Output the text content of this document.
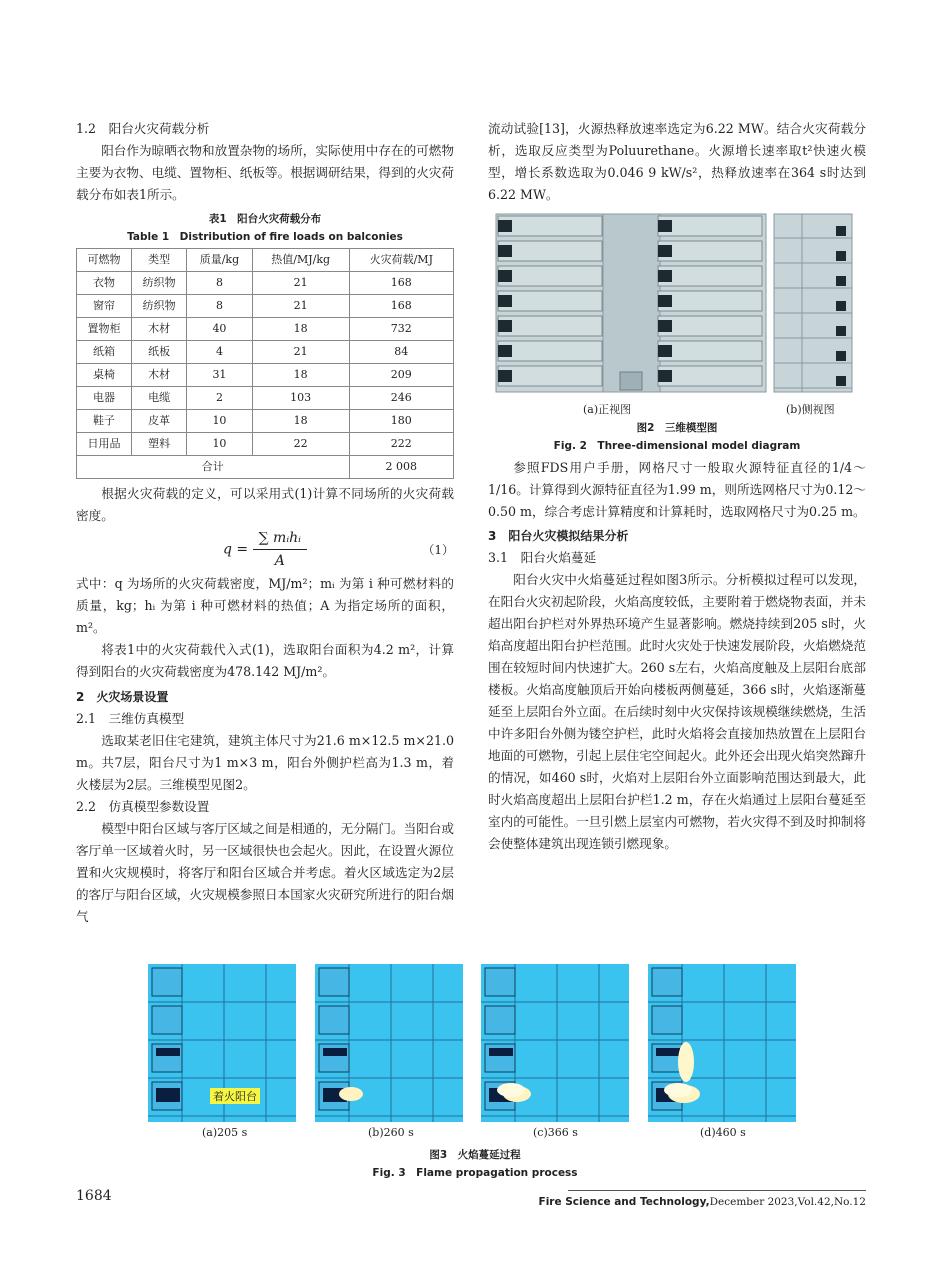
1.2　阳台火灾荷载分析

阳台作为晾晒衣物和放置杂物的场所，实际使用中存在的可燃物主要为衣物、电缆、置物柜、纸板等。根据调研结果，得到的火灾荷载分布如表1所示。

表1　阳台火灾荷载分布
Table 1　Distribution of fire loads on balconies
可燃物	类型	质量/kg	热值/MJ/kg	火灾荷载/MJ
衣物	纺织物	8	21	168
窗帘	纺织物	8	21	168
置物柜	木材	40	18	732
纸箱	纸板	4	21	84
桌椅	木材	31	18	209
电器	电缆	2	103	246
鞋子	皮革	10	18	180
日用品	塑料	10	22	222
合计				2 008

根据火灾荷载的定义，可以采用式(1)计算不同场所的火灾荷载密度。

$q = \frac{\text{∑ mᵢhᵢ}}{A}$	（1）

式中：q 为场所的火灾荷载密度，MJ/m²；mᵢ 为第 i 种可燃材料的质量，kg；hᵢ 为第 i 种可燃材料的热值；A 为指定场所的面积，m²。

将表1中的火灾荷载代入式(1)，选取阳台面积为4.2 m²，计算得到阳台的火灾荷载密度为478.142 MJ/m²。

2　火灾场景设置

2.1　三维仿真模型

选取某老旧住宅建筑，建筑主体尺寸为21.6 m×12.5 m×21.0 m。共7层，阳台尺寸为1 m×3 m，阳台外侧护栏高为1.3 m，着火楼层为2层。三维模型见图2。

2.2　仿真模型参数设置

模型中阳台区域与客厅区域之间是相通的，无分隔门。当阳台或客厅单一区域着火时，另一区域很快也会起火。因此，在设置火源位置和火灾规模时，将客厅和阳台区域合并考虑。着火区域选定为2层的客厅与阳台区域，火灾规模参照日本国家火灾研究所进行的阳台烟气

流动试验[13]，火源热释放速率选定为6.22 MW。结合火灾荷载分析，选取反应类型为Poluurethane。火源增长速率取t²快速火模型，增长系数选取为0.046 9 kW/s²，热释放速率在364 s时达到6.22 MW。

(a)正视图	(b)侧视图
图2　三维模型图
Fig. 2　Three-dimensional model diagram

参照FDS用户手册，网格尺寸一般取火源特征直径的1/4～1/16。计算得到火源特征直径为1.99 m，则所选网格尺寸为0.12～0.50 m，综合考虑计算精度和计算耗时，选取网格尺寸为0.25 m。

3　阳台火灾模拟结果分析

3.1　阳台火焰蔓延

阳台火灾中火焰蔓延过程如图3所示。分析模拟过程可以发现，在阳台火灾初起阶段，火焰高度较低，主要附着于燃烧物表面，并未超出阳台护栏对外界热环境产生显著影响。燃烧持续到205 s时，火焰高度超出阳台护栏范围。此时火灾处于快速发展阶段，火焰燃烧范围在较短时间内快速扩大。260 s左右，火焰高度触及上层阳台底部楼板。火焰高度触顶后开始向楼板两侧蔓延，366 s时，火焰逐渐蔓延至上层阳台外立面。在后续时刻中火灾保持该规模继续燃烧，生活中许多阳台外侧为镂空护栏，此时火焰将会直接加热放置在上层阳台地面的可燃物，引起上层住宅空间起火。此外还会出现火焰突然蹿升的情况，如460 s时，火焰对上层阳台外立面影响范围达到最大，此时火焰高度超出上层阳台护栏1.2 m，存在火焰通过上层阳台蔓延至室内的可能性。一旦引燃上层室内可燃物，若火灾得不到及时抑制将会使整体建筑出现连锁引燃现象。

着火阳台
(a)205 s	(b)260 s	(c)366 s	(d)460 s
图3　火焰蔓延过程
Fig. 3　Flame propagation process
1684	Fire Science and Technology,December 2023,Vol.42,No.12
